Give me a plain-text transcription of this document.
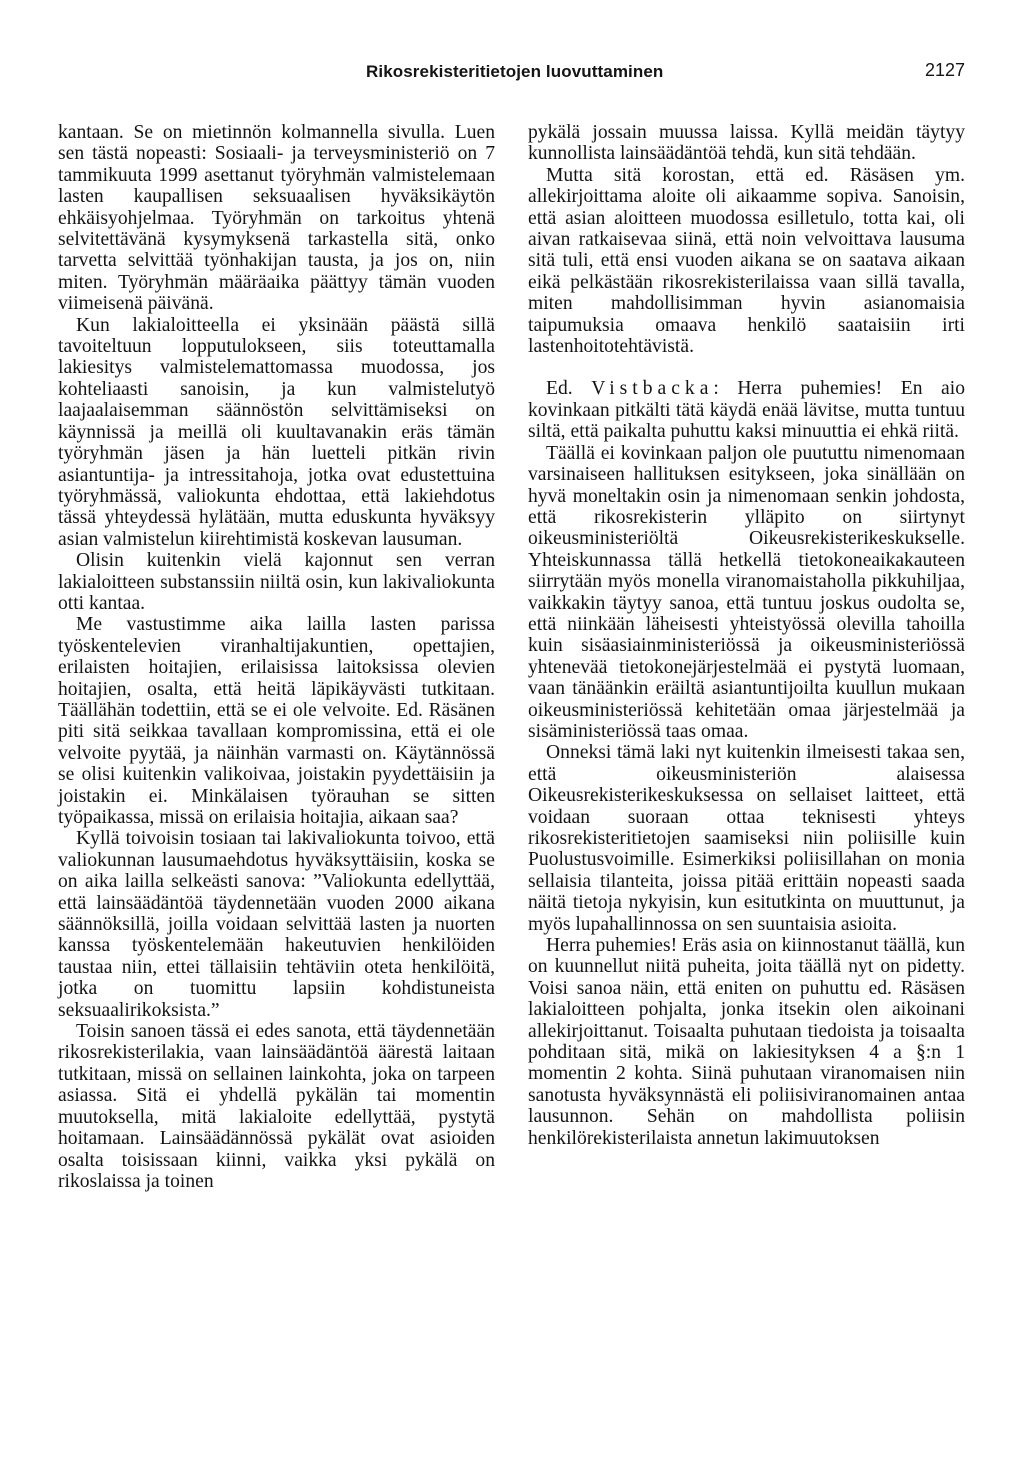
Rikosrekisteritietojen luovuttaminen	2127

kantaan. Se on mietinnön kolmannella sivulla. Luen sen tästä nopeasti: Sosiaali- ja terveysministeriö on 7 tammikuuta 1999 asettanut työryhmän valmistelemaan lasten kaupallisen seksuaalisen hyväksikäytön ehkäisyohjelmaa. Työryhmän on tarkoitus yhtenä selvitettävänä kysymyksenä tarkastella sitä, onko tarvetta selvittää työnhakijan tausta, ja jos on, niin miten. Työryhmän määräaika päättyy tämän vuoden viimeisenä päivänä.

Kun lakialoitteella ei yksinään päästä sillä tavoiteltuun lopputulokseen, siis toteuttamalla lakiesitys valmistelemattomassa muodossa, jos kohteliaasti sanoisin, ja kun valmistelutyö laajaalaisemman säännöstön selvittämiseksi on käynnissä ja meillä oli kuultavanakin eräs tämän työryhmän jäsen ja hän luetteli pitkän rivin asiantuntija- ja intressitahoja, jotka ovat edustettuina työryhmässä, valiokunta ehdottaa, että lakiehdotus tässä yhteydessä hylätään, mutta eduskunta hyväksyy asian valmistelun kiirehtimistä koskevan lausuman.

Olisin kuitenkin vielä kajonnut sen verran lakialoitteen substanssiin niiltä osin, kun lakivaliokunta otti kantaa.

Me vastustimme aika lailla lasten parissa työskentelevien viranhaltijakuntien, opettajien, erilaisten hoitajien, erilaisissa laitoksissa olevien hoitajien, osalta, että heitä läpikäyvästi tutkitaan. Täällähän todettiin, että se ei ole velvoite. Ed. Räsänen piti sitä seikkaa tavallaan kompromissina, että ei ole velvoite pyytää, ja näinhän varmasti on. Käytännössä se olisi kuitenkin valikoivaa, joistakin pyydettäisiin ja joistakin ei. Minkälaisen työrauhan se sitten työpaikassa, missä on erilaisia hoitajia, aikaan saa?

Kyllä toivoisin tosiaan tai lakivaliokunta toivoo, että valiokunnan lausumaehdotus hyväksyttäisiin, koska se on aika lailla selkeästi sanova: ”Valiokunta edellyttää, että lainsäädäntöä täydennetään vuoden 2000 aikana säännöksillä, joilla voidaan selvittää lasten ja nuorten kanssa työskentelemään hakeutuvien henkilöiden taustaa niin, ettei tällaisiin tehtäviin oteta henkilöitä, jotka on tuomittu lapsiin kohdistuneista seksuaalirikoksista.”

Toisin sanoen tässä ei edes sanota, että täydennetään rikosrekisterilakia, vaan lainsäädäntöä äärestä laitaan tutkitaan, missä on sellainen lainkohta, joka on tarpeen asiassa. Sitä ei yhdellä pykälän tai momentin muutoksella, mitä lakialoite edellyttää, pystytä hoitamaan. Lainsäädännössä pykälät ovat asioiden osalta toisissaan kiinni, vaikka yksi pykälä on rikoslaissa ja toinen

pykälä jossain muussa laissa. Kyllä meidän täytyy kunnollista lainsäädäntöä tehdä, kun sitä tehdään.

Mutta sitä korostan, että ed. Räsäsen ym. allekirjoittama aloite oli aikaamme sopiva. Sanoisin, että asian aloitteen muodossa esilletulo, totta kai, oli aivan ratkaisevaa siinä, että noin velvoittava lausuma sitä tuli, että ensi vuoden aikana se on saatava aikaan eikä pelkästään rikosrekisterilaissa vaan sillä tavalla, miten mahdollisimman hyvin asianomaisia taipumuksia omaava henkilö saataisiin irti lastenhoitotehtävistä.

Ed. Vistbacka: Herra puhemies! En aio kovinkaan pitkälti tätä käydä enää lävitse, mutta tuntuu siltä, että paikalta puhuttu kaksi minuuttia ei ehkä riitä.

Täällä ei kovinkaan paljon ole puututtu nimenomaan varsinaiseen hallituksen esitykseen, joka sinällään on hyvä moneltakin osin ja nimenomaan senkin johdosta, että rikosrekisterin ylläpito on siirtynyt oikeusministeriöltä Oikeusrekisterikeskukselle. Yhteiskunnassa tällä hetkellä tietokoneaikakauteen siirrytään myös monella viranomaistaholla pikkuhiljaa, vaikkakin täytyy sanoa, että tuntuu joskus oudolta se, että niinkään läheisesti yhteistyössä olevilla tahoilla kuin sisäasiainministeriössä ja oikeusministeriössä yhtenevää tietokonejärjestelmää ei pystytä luomaan, vaan tänäänkin eräiltä asiantuntijoilta kuullun mukaan oikeusministeriössä kehitetään omaa järjestelmää ja sisäministeriössä taas omaa.

Onneksi tämä laki nyt kuitenkin ilmeisesti takaa sen, että oikeusministeriön alaisessa Oikeusrekisterikeskuksessa on sellaiset laitteet, että voidaan suoraan ottaa teknisesti yhteys rikosrekisteritietojen saamiseksi niin poliisille kuin Puolustusvoimille. Esimerkiksi poliisillahan on monia sellaisia tilanteita, joissa pitää erittäin nopeasti saada näitä tietoja nykyisin, kun esitutkinta on muuttunut, ja myös lupahallinnossa on sen suuntaisia asioita.

Herra puhemies! Eräs asia on kiinnostanut täällä, kun on kuunnellut niitä puheita, joita täällä nyt on pidetty. Voisi sanoa näin, että eniten on puhuttu ed. Räsäsen lakialoitteen pohjalta, jonka itsekin olen aikoinani allekirjoittanut. Toisaalta puhutaan tiedoista ja toisaalta pohditaan sitä, mikä on lakiesityksen 4 a §:n 1 momentin 2 kohta. Siinä puhutaan viranomaisen niin sanotusta hyväksynnästä eli poliisiviranomainen antaa lausunnon. Sehän on mahdollista poliisin henkilörekisterilaista annetun lakimuutoksen
